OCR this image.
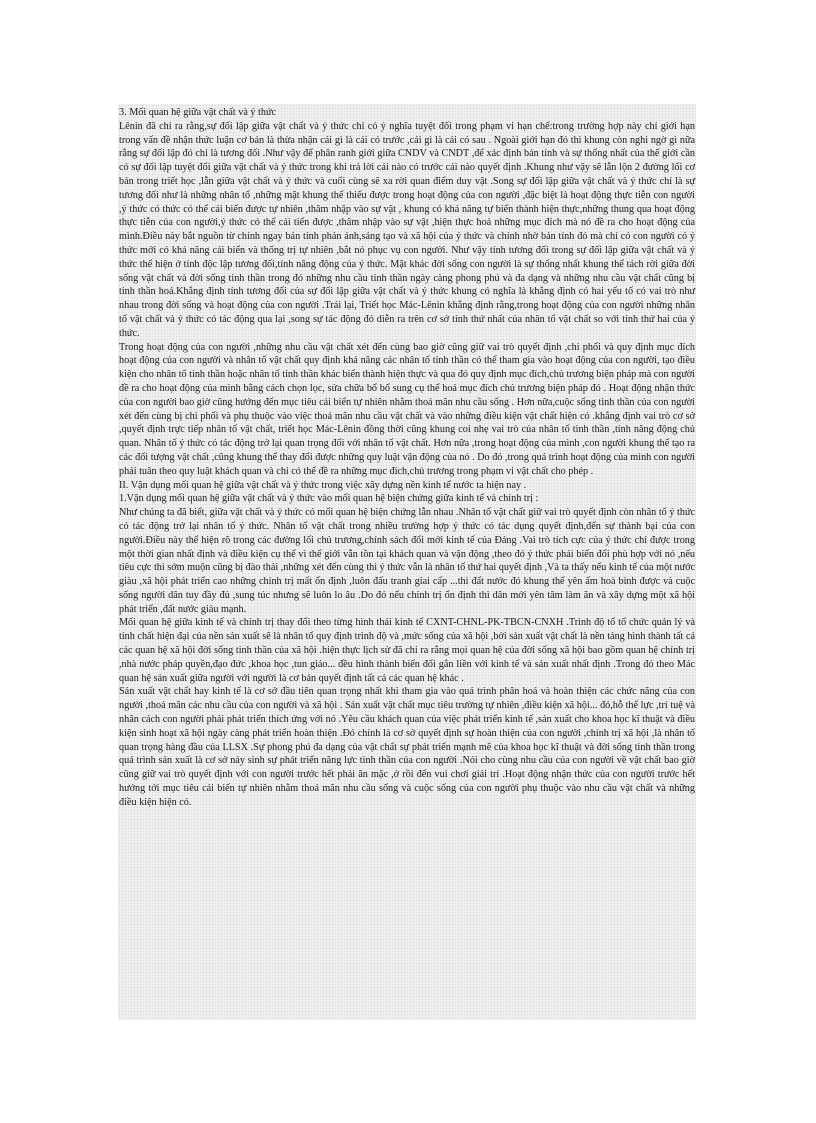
3. Mối quan hệ giữa vật chất và ý thức

Lênin đã chỉ ra rằng,sự đối lập giữa vật chất và ý thức chỉ có ý nghĩa tuyệt đối trong phạm vi hạn chế:trong trường hợp này chỉ giới hạn trong vấn đề nhận thức luận cơ bản là thừa nhận cái gì là cái có trước ,cái gì là cái có sau . Ngoài giới hạn đó thì khung còn nghi ngờ gì nữa rằng sự đối lập đó chỉ là tương đối .Như vậy để phân ranh giới giữa CNDV và CNDT ,để xác định bản tính và sự thống nhất của thế giới cần có sự đối lập tuyệt đối giữa vật chất và ý thức trong khi trả lời cái nào có trước cái nào quyết định .Khung như vậy sẽ lẫn lộn 2 đường lối cơ bản trong triết học ,lẫn giữa vật chất và ý thức và cuối cùng sẽ xa rời quan điểm duy vật .Song sự đối lập giữa vật chất và ý thức chỉ là sự tương đối như là những nhân tố ,những mặt khung thể thiếu được trong hoạt động của con người ,đặc biệt là hoạt động thực tiễn con người ,ý thức có thức có thể cải biến được tự nhiên ,thâm nhập vào sự vật , khung có khả năng tự biến thành hiện thực,những thung qua hoạt động thực tiễn của con người,ý thức có thể cải tiến được ,thâm nhập vào sự vật ,hiện thực hoá những mục đích mà nó đề ra cho hoạt động của mình.Điều này bắt nguồn từ chính ngay bản tính phản ánh,sáng tạo và xã hội của ý thức và chính nhờ bản tính đó mà chỉ có con người có ý thức mới có khả năng cải biến và thống trị tự nhiên ,bắt nó phục vụ con người. Như vậy tính tương đối trong sự đối lập giữa vật chất và ý thức thể hiện ở tính độc lập tương đối,tính năng động của ý thức. Mặt khác đời sống con người là sự thống nhất khung thể tách rời giữa đời sống vật chất và đời sống tinh thần trong đó những nhu cầu tinh thần ngày càng phong phú và đa dạng và những nhu cầu vật chất cũng bị tinh thần hoá.Khẳng định tính tương đối của sự đối lập giữa vật chất và ý thức khung có nghĩa là khẳng định có hai yếu tố có vai trò như nhau trong đời sống và hoạt động của con người .Trái lại, Triết học Mác-Lênin khẳng định rằng,trong hoạt động của con người những nhân tố vật chất và ý thức có tác động qua lại ,song sự tác động đó diễn ra trên cơ sở tính thứ nhất của nhân tố vật chất so với tính thứ hai của ý thức.

Trong hoạt động của con người ,những nhu cầu vật chất xét đến cùng bao giờ cũng giữ vai trò quyết định ,chi phối và quy định mục đích hoạt động của con người và nhân tố vật chất quy định khả năng các nhân tố tinh thần có thể tham gia vào hoạt động của con người, tạo điều kiện cho nhân tố tinh thần hoặc nhân tố tinh thần khác biến thành hiện thực và qua đó quy định mục đích,chủ trương biện pháp mà con người đề ra cho hoạt động của mình bằng cách chọn lọc, sửa chữa bổ bổ sung cụ thể hoá mục đích chủ trương biện pháp đó . Hoạt động nhận thức của con người bao giờ cũng hướng đến mục tiêu cải biến tự nhiên nhằm thoả mãn nhu cầu sống . Hơn nữa,cuộc sống tinh thần của con người xét đến cùng bị chi phối và phụ thuộc vào việc thoả mãn nhu cầu vật chất và vào những điều kiện vật chất hiện có .khẳng định vai trò cơ sở ,quyết định trực tiếp nhân tố vật chất, triết học Mác-Lênin đồng thời cũng khung coi nhẹ vai trò của nhân tố tinh thần ,tính năng động chủ quan. Nhân tố ý thức có tác động trở lại quan trọng đối với nhân tố vật chất. Hơn nữa ,trong hoạt động của mình ,con người khung thể tạo ra các đối tượng vật chất ,cũng khung thể thay đổi được những quy luật vận động của nó . Do đó ,trong quá trình hoạt động của mình con người phải tuân theo quy luật khách quan và chỉ có thể đề ra những mục đích,chủ trương trong phạm vi vật chất cho phép .

II. Vận dụng mối quan hệ giữa vật chất và ý thức trong việc xây dựng nền kinh tế nước ta hiện nay .

1.Vận dụng mối quan hệ giữa vật chất và ý thức vào mối quan hệ biện chứng giữa kinh tế và chính trị :

Như chúng ta đã biết, giữa vật chất và ý thức có mối quan hệ biện chứng lẫn nhau .Nhân tố vật chất giữ vai trò quyết định còn nhân tố ý thức có tác động trở lại nhân tố ý thức. Nhân tố vật chất trong nhiều trường hợp ý thức có tác dụng quyết định,đến sự thành bại của con người.Điều này thể hiện rõ trong các đường lối chủ trương,chính sách đổi mới kinh tế của Đảng .Vai trò tích cực của ý thức chỉ được trong một thời gian nhất định và điều kiện cụ thể vì thế giới vẫn tồn tại khách quan và vận động ,theo đó ý thức phải biến đổi phù hợp với nó ,nếu tiêu cực thì sớm muộn cũng bị đào thải ,những xét đến cùng thì ý thức vẫn là nhân tố thứ hai quyết định ,Và ta thấy nếu kinh tế của một nước giàu ,xã hội phát triển cao những chính trị mất ổn định ,luôn đấu tranh giai cấp ...thì đất nước đó khung thể yên ấm hoà bình được và cuộc sống người dân tuy đầy đủ ,sung túc nhưng sẽ luôn lo âu .Do đó nếu chính trị ổn định thì dân mới yên tâm làm ăn và xây dựng một xã hội phát triển ,đất nước giàu mạnh.

Mối quan hệ giữa kinh tế và chính trị thay đổi theo từng hình thái kinh tế CXNT-CHNL-PK-TBCN-CNXH .Trình độ tổ tổ chức quản lý và tính chất hiện đại của nền sản xuất sẽ là nhân tố quy định trình độ và ,mức sống của xã hội ,bởi sản xuất vật chất là nền tảng hình thành tất cả các quan hệ xã hội đời sống tinh thần của xã hội .hiện thực lịch sử đã chỉ ra rằng mọi quan hệ của đời sống xã hội bao gồm quan hệ chính trị ,nhà nước pháp quyền,đạo đức ,khoa học ,tun giáo... đều hình thành biến đổi gắn liền với kinh tế và sản xuất nhất định .Trong đó theo Mác quan hệ sản xuất giữa người với người là cơ bản quyết định tất cả các quan hệ khác .

Sản xuất vật chất hay kinh tế là cơ sở đầu tiên quan trọng nhất khi tham gia vào quá trình phân hoá và hoàn thiện các chức năng của con người ,thoả mãn các nhu cầu của con người và xã hội . Sản xuất vật chất mục tiêu trường tự nhiên ,điều kiện xã hội... đó,hỗ thể lực ,trí tuệ và nhân cách con người phải phát triển thích ứng với nó .Yêu cầu khách quan của việc phát triển kinh tế ,sản xuất cho khoa học kĩ thuật và điều kiện sinh hoạt xã hội ngày càng phát triển hoàn thiện .Đó chính là cơ sở quyết định sự hoàn thiện của con người ,chính trị xã hội ,là nhân tố quan trọng hàng đầu của LLSX .Sự phong phú đa dạng của vật chất sự phát triển mạnh mẽ của khoa học kĩ thuật và đời sống tinh thần trong quá trình sản xuất là cơ sở nảy sinh sự phát triển năng lực tinh thần của con người .Nói cho cùng nhu cầu của con người về vật chất bao giờ cũng giữ vai trò quyết định với con người trước hết phải ăn mặc ,ở rồi đến vui chơi giải trí .Hoạt động nhận thức của con người trước hết hướng tới mục tiêu cải biến tự nhiên nhằm thoả mãn nhu cầu sống và cuộc sống của con người phụ thuộc vào nhu cầu vật chất và những điều kiện hiện có.
